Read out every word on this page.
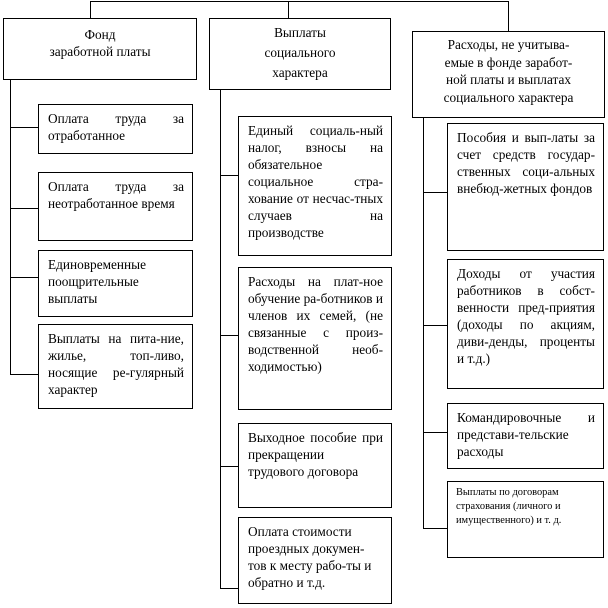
Фонд
заработной платы
Выплаты
социального
характера
Расходы, не учитыва-
емые в фонде заработ-
ной платы и выплатах
социального характера
Оплата труда за отработанное
Оплата труда за неотработанное время
Единовременные поощрительные выплаты
Выплаты на пита-ние, жилье, топ-ливо, носящие ре-гулярный характер
Единый социаль-ный налог, взносы на обязательное социальное стра-хование от несчас-тных случаев на производстве
Расходы на плат-ное обучение ра-ботников и членов их семей, (не связанные с произ-водственной необ-ходимостью)
Выходное пособие при прекращении трудового договора
Оплата стоимости проездных докумен-тов к месту рабо-ты и обратно и т.д.
Пособия и вып-латы за счет средств государ-ственных соци-альных внебюд-жетных фондов
Доходы от участия работников в собст-венности пред-приятия (доходы по акциям, диви-денды, проценты и т.д.)
Командировочные и представи-тельские расходы
Выплаты по договорам страхования (личного и имущественного) и т. д.
